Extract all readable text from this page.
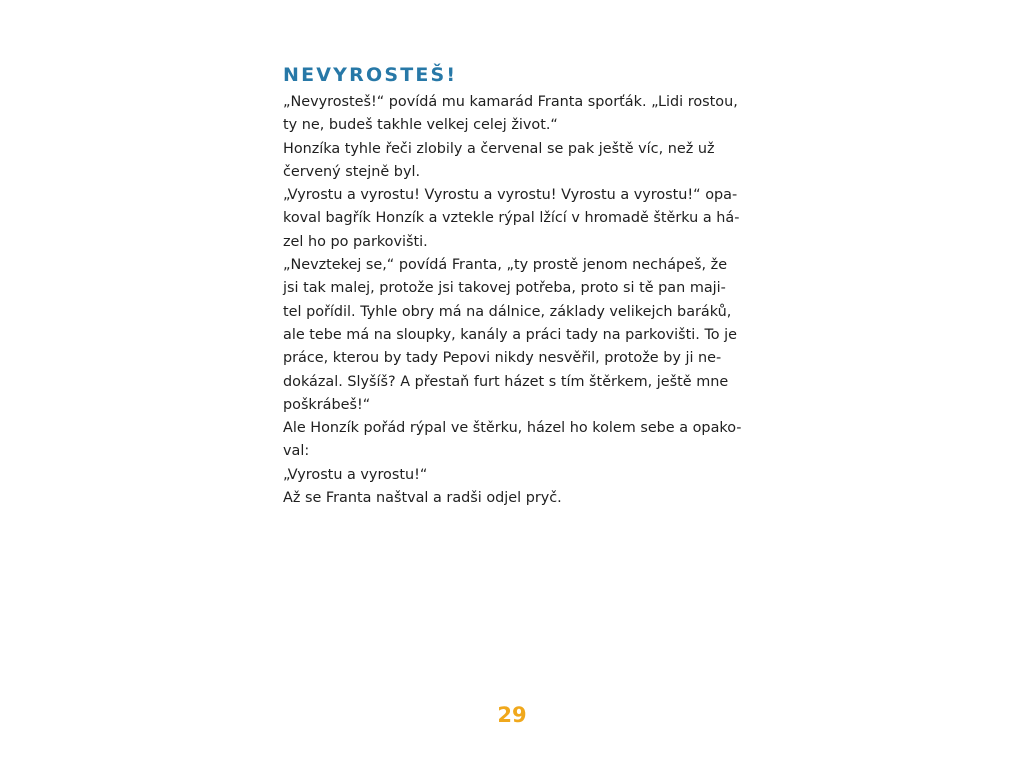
NEVYROSTEŠ!
„Nevyrosteš!“ povídá mu kamarád Franta sporťák. „Lidi rostou,
ty ne, budeš takhle velkej celej život.“
Honzíka tyhle řeči zlobily a červenal se pak ještě víc, než už
červený stejně byl.
„Vyrostu a vyrostu! Vyrostu a vyrostu! Vyrostu a vyrostu!“ opa-
koval bagřík Honzík a vztekle rýpal lžící v hromadě štěrku a há-
zel ho po parkovišti.
„Nevztekej se,“ povídá Franta, „ty prostě jenom nechápeš, že
jsi tak malej, protože jsi takovej potřeba, proto si tě pan maji-
tel pořídil. Tyhle obry má na dálnice, základy velikejch baráků,
ale tebe má na sloupky, kanály a práci tady na parkovišti. To je
práce, kterou by tady Pepovi nikdy nesvěřil, protože by ji ne-
dokázal. Slyšíš? A přestaň furt házet s tím štěrkem, ještě mne
poškrábeš!“
Ale Honzík pořád rýpal ve štěrku, házel ho kolem sebe a opako-
val:
„Vyrostu a vyrostu!“
Až se Franta naštval a radši odjel pryč.
29
